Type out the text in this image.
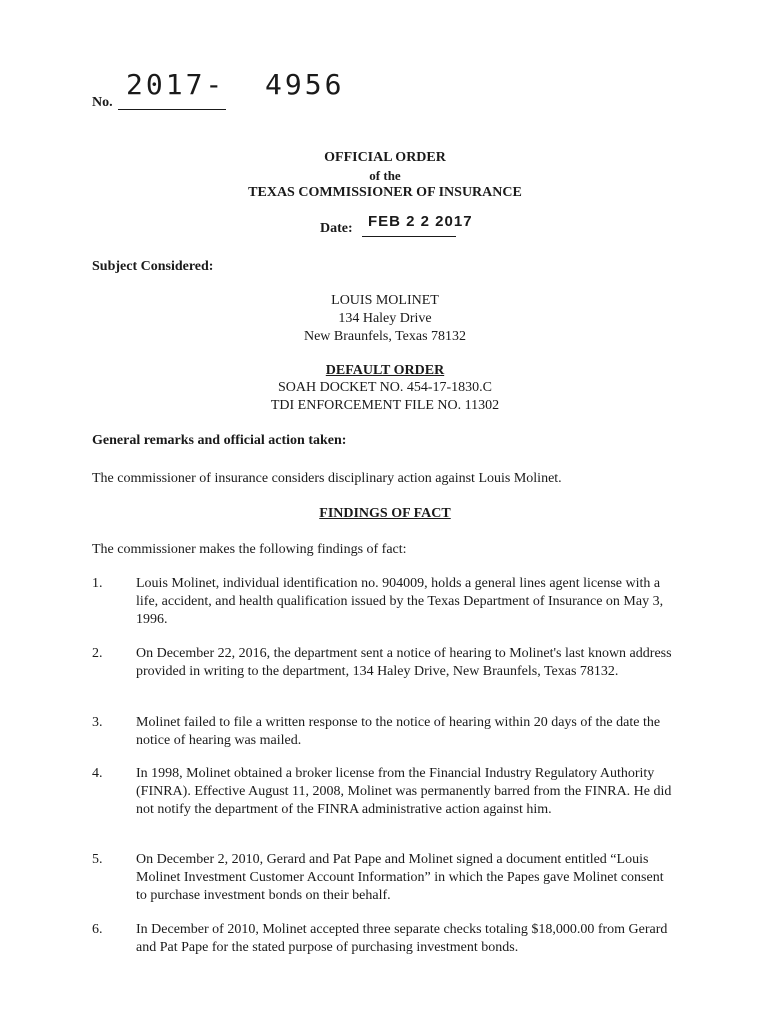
No.
2017-  4956
OFFICIAL ORDER
of the
TEXAS COMMISSIONER OF INSURANCE
Date: FEB 2 2 2017
Subject Considered:
LOUIS MOLINET
134 Haley Drive
New Braunfels, Texas 78132
DEFAULT ORDER
SOAH DOCKET NO. 454-17-1830.C
TDI ENFORCEMENT FILE NO. 11302
General remarks and official action taken:
The commissioner of insurance considers disciplinary action against Louis Molinet.
FINDINGS OF FACT
The commissioner makes the following findings of fact:
1. Louis Molinet, individual identification no. 904009, holds a general lines agent license with a life, accident, and health qualification issued by the Texas Department of Insurance on May 3, 1996.
2. On December 22, 2016, the department sent a notice of hearing to Molinet's last known address provided in writing to the department, 134 Haley Drive, New Braunfels, Texas 78132.
3. Molinet failed to file a written response to the notice of hearing within 20 days of the date the notice of hearing was mailed.
4. In 1998, Molinet obtained a broker license from the Financial Industry Regulatory Authority (FINRA). Effective August 11, 2008, Molinet was permanently barred from the FINRA. He did not notify the department of the FINRA administrative action against him.
5. On December 2, 2010, Gerard and Pat Pape and Molinet signed a document entitled “Louis Molinet Investment Customer Account Information” in which the Papes gave Molinet consent to purchase investment bonds on their behalf.
6. In December of 2010, Molinet accepted three separate checks totaling $18,000.00 from Gerard and Pat Pape for the stated purpose of purchasing investment bonds.
